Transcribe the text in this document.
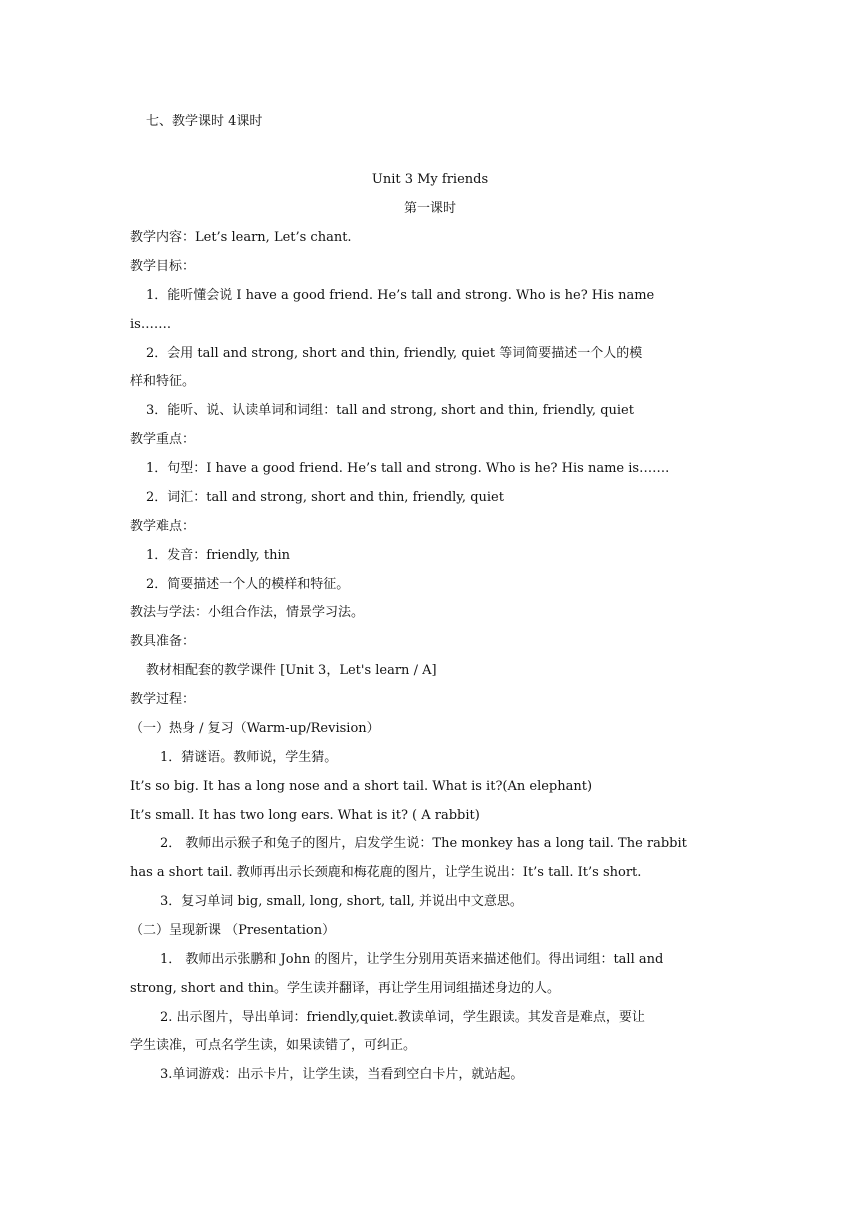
七、教学课时 4课时
Unit 3 My friends
第一课时
教学内容：Let’s learn, Let’s chant.
教学目标：
1．能听懂会说 I have a good friend. He’s tall and strong. Who is he? His name
is…….
2．会用 tall and strong, short and thin, friendly, quiet 等词简要描述一个人的模
样和特征。
3．能听、说、认读单词和词组：tall and strong, short and thin, friendly, quiet
教学重点：
1．句型：I have a good friend. He’s tall and strong. Who is he? His name is…….
2．词汇：tall and strong, short and thin, friendly, quiet
教学难点：
1．发音：friendly, thin
2．简要描述一个人的模样和特征。
教法与学法：小组合作法，情景学习法。
教具准备：
教材相配套的教学课件 [Unit 3，Let's learn / A]
教学过程：
（一）热身 / 复习（Warm-up/Revision）
1．猜谜语。教师说，学生猜。
It’s so big. It has a long nose and a short tail. What is it?(An elephant)
It’s small. It has two long ears. What is it? ( A rabbit)
2． 教师出示猴子和兔子的图片，启发学生说：The monkey has a long tail. The rabbit
has a short tail. 教师再出示长颈鹿和梅花鹿的图片，让学生说出：It’s tall. It’s short.
3．复习单词 big, small, long, short, tall, 并说出中文意思。
（二）呈现新课 （Presentation）
1． 教师出示张鹏和 John 的图片，让学生分别用英语来描述他们。得出词组：tall and
strong, short and thin。学生读并翻译，再让学生用词组描述身边的人。
2. 出示图片，导出单词：friendly,quiet.教读单词，学生跟读。其发音是难点，要让
学生读准，可点名学生读，如果读错了，可纠正。
3.单词游戏：出示卡片，让学生读，当看到空白卡片，就站起。
